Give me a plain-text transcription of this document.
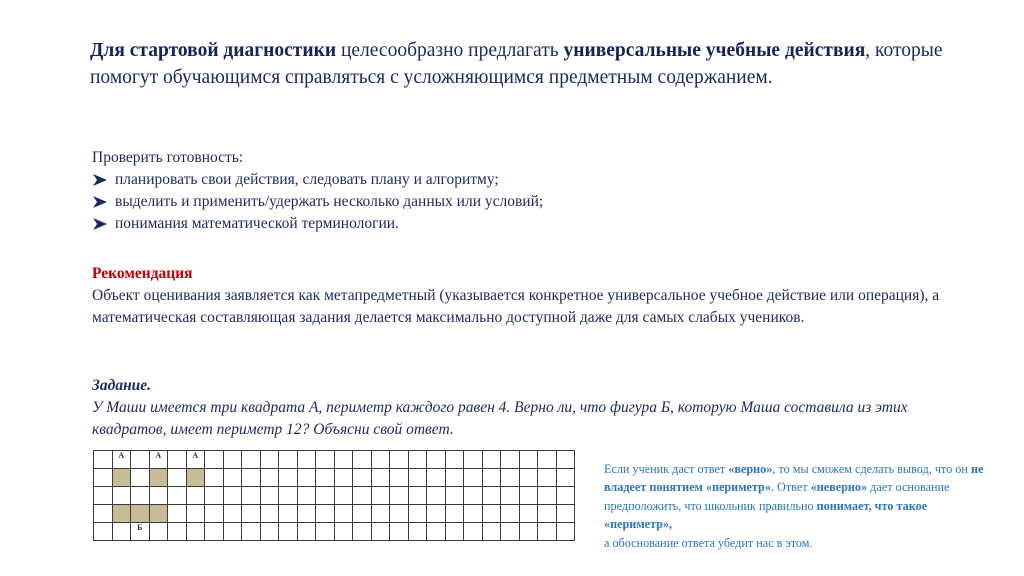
Для стартовой диагностики целесообразно предлагать универсальные учебные действия, которые помогут обучающимся справляться с усложняющимся предметным содержанием.
Проверить готовность:
планировать свои действия, следовать плану и алгоритму;
выделить и применить/удержать несколько данных или условий;
понимания математической терминологии.
Рекомендация
Объект оценивания заявляется как метапредметный (указывается конкретное универсальное учебное действие или операция), а математическая составляющая задания делается максимально доступной даже для самых слабых учеников.
Задание.
У Маши имеется три квадрата А, периметр каждого равен 4. Верно ли, что фигура Б, которую Маша составила из этих квадратов, имеет периметр 12? Объясни свой ответ.
	А		А		А																				

		Б																							
Если ученик даст ответ «верно», то мы сможем сделать вывод, что он не владеет понятием «периметр». Ответ «неверно» дает основание предположить, что школьник правильно понимает, что такое «периметр»,
а обоснование ответа убедит нас в этом.
